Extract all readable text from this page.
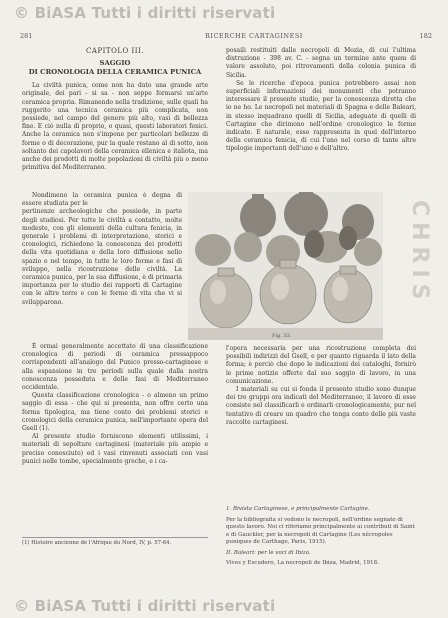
© BiASA Tutti i diritti riservati
CHRIS
281	RICERCHE CARTAGINESI	182
CAPITOLO III.
SAGGIO
DI CRONOLOGIA DELLA CERAMICA PUNICA

La civiltà punica, come non ha dato una grande arte originale, dei pari - si sa - non seppe formarsi un'arte ceramica propria. Rimanendo nella tradizione, sulle quali ha ruggerito una tecnica ceramica più complicata, non possiede, nel campo del genere più alto, vasi di bellezza fine. E ciò nulla di proprio, o quasi, questi laboratori fenici. Anche la ceramica non s'impone per particolari bellezze di forme o di decorazione, pur la quale restano al di sotto, non soltanto dei capolavori della ceramica ellenica e italiota, ma anche dei prodotti di molte popolazioni di civiltà più o meno primitiva del Mediterraneo.

Nondimeno la ceramica punica è degna di essere studiata per le

pertinenze archeologiche che possiede, in parte degli studiosi. Per tutte le civiltà a contatto, molte modeste, con gli elementi della cultura fenicia, in generale i problemi di interpretazione, storici e cronologici, richiedono la conoscenza dei prodotti della vita quotidiana e della loro diffusione nello spazio e nel tempo, in tutte le loro forme e fasi di sviluppo, nella ricostruzione delle civiltà. La ceramica punica, per la sua diffusione, è di primaria importanza per lo studio dei rapporti di Cartagine con le altre terre e con le forme di vita che vi si svilupparono.

Fig. 33.

È ormai generalmente accettato di una classificazione cronologica di periodi di ceramica pressappoco corrispondenti all'analogo del Punico presso-cartaginese e alla espansione in tre periodi sulla quale dalla nostra conoscenza posseduta e delle fasi di Mediterraneo occidentale.

Questa classificazione cronologica - o almeno un primo saggio di essa - che qui si presenta, non offre certo una forma tipologica, ma tiene conto dei problemi storici e cronologici della ceramica punica, nell'importante opera del Gsell (1).

Al presente studio forniscono elementi utilissimi, i materiali di sepolture cartaginesi (materiale più ampio e preciso conosciuto) ed i vasi rinvenuti associati con vasi punici nelle tombe, specialmente greche, e i ca-

(1) Histoire ancienne de l'Afrique du Nord, IV, p. 57-64.

posaili restituiti dalle necropoli di Mozia, di cui l'ultima distruzione - 398 av. C. - segna un termine ante quem di valore assoluto, poi ritrovamenti della colonia punica di Sicilia.

Se le ricerche d'epoca punica potrebbero assai non superficiali informazioni dei monumenti che potranno interessare il presente studio, per la conoscenza diretta che io ne ho. Le necropoli nei materiali di Spagna e delle Baleari, in stesso inquadrano quelli di Sicilia, adeguate di quelli di Cartagine che dirimono nell'ordine cronologico le forme indicate. E naturale, esso rappresenta in quel dell'interno della ceramica fenicia, di cui l'uno nel corso di tante altre tipologie importanti dell'uno e dell'altro.

l'opera necessaria per una ricostruzione completa dei possibili indirizzi del Gsell, e per quanto riguarda il lato della forma; è perciò che dopo le indicazioni dei cataloghi, fornirò le prime notizie offerte dal suo saggio di lavoro, in una comunicazione.

I materiali su cui si fonda il presente studio sono dunque dei tre gruppi ora indicati del Mediterraneo, il lavoro di esse consiste nel classificarli e ordinarli cronologicamente, pur nel tentativo di creare un quadro che tenga conto delle più vaste raccolte cartaginesi.

1. Rivista Cartaginese, e principalmente Cartagine.

Per la bibliografia si vedono le necropoli, nell'ordine segnato di questo lavoro. Noi ci riferiamo principalmente ai contributi di Saint e di Gauckler, per la necropoli di Cartagine (Les nécropoles puniques de Carthage, Paris, 1915).

II. Baleari: per le voci di Ibiza.

Vives y Escudero, La necropoli de Ibiza, Madrid, 1918.

© BiASA Tutti i diritti riservati
